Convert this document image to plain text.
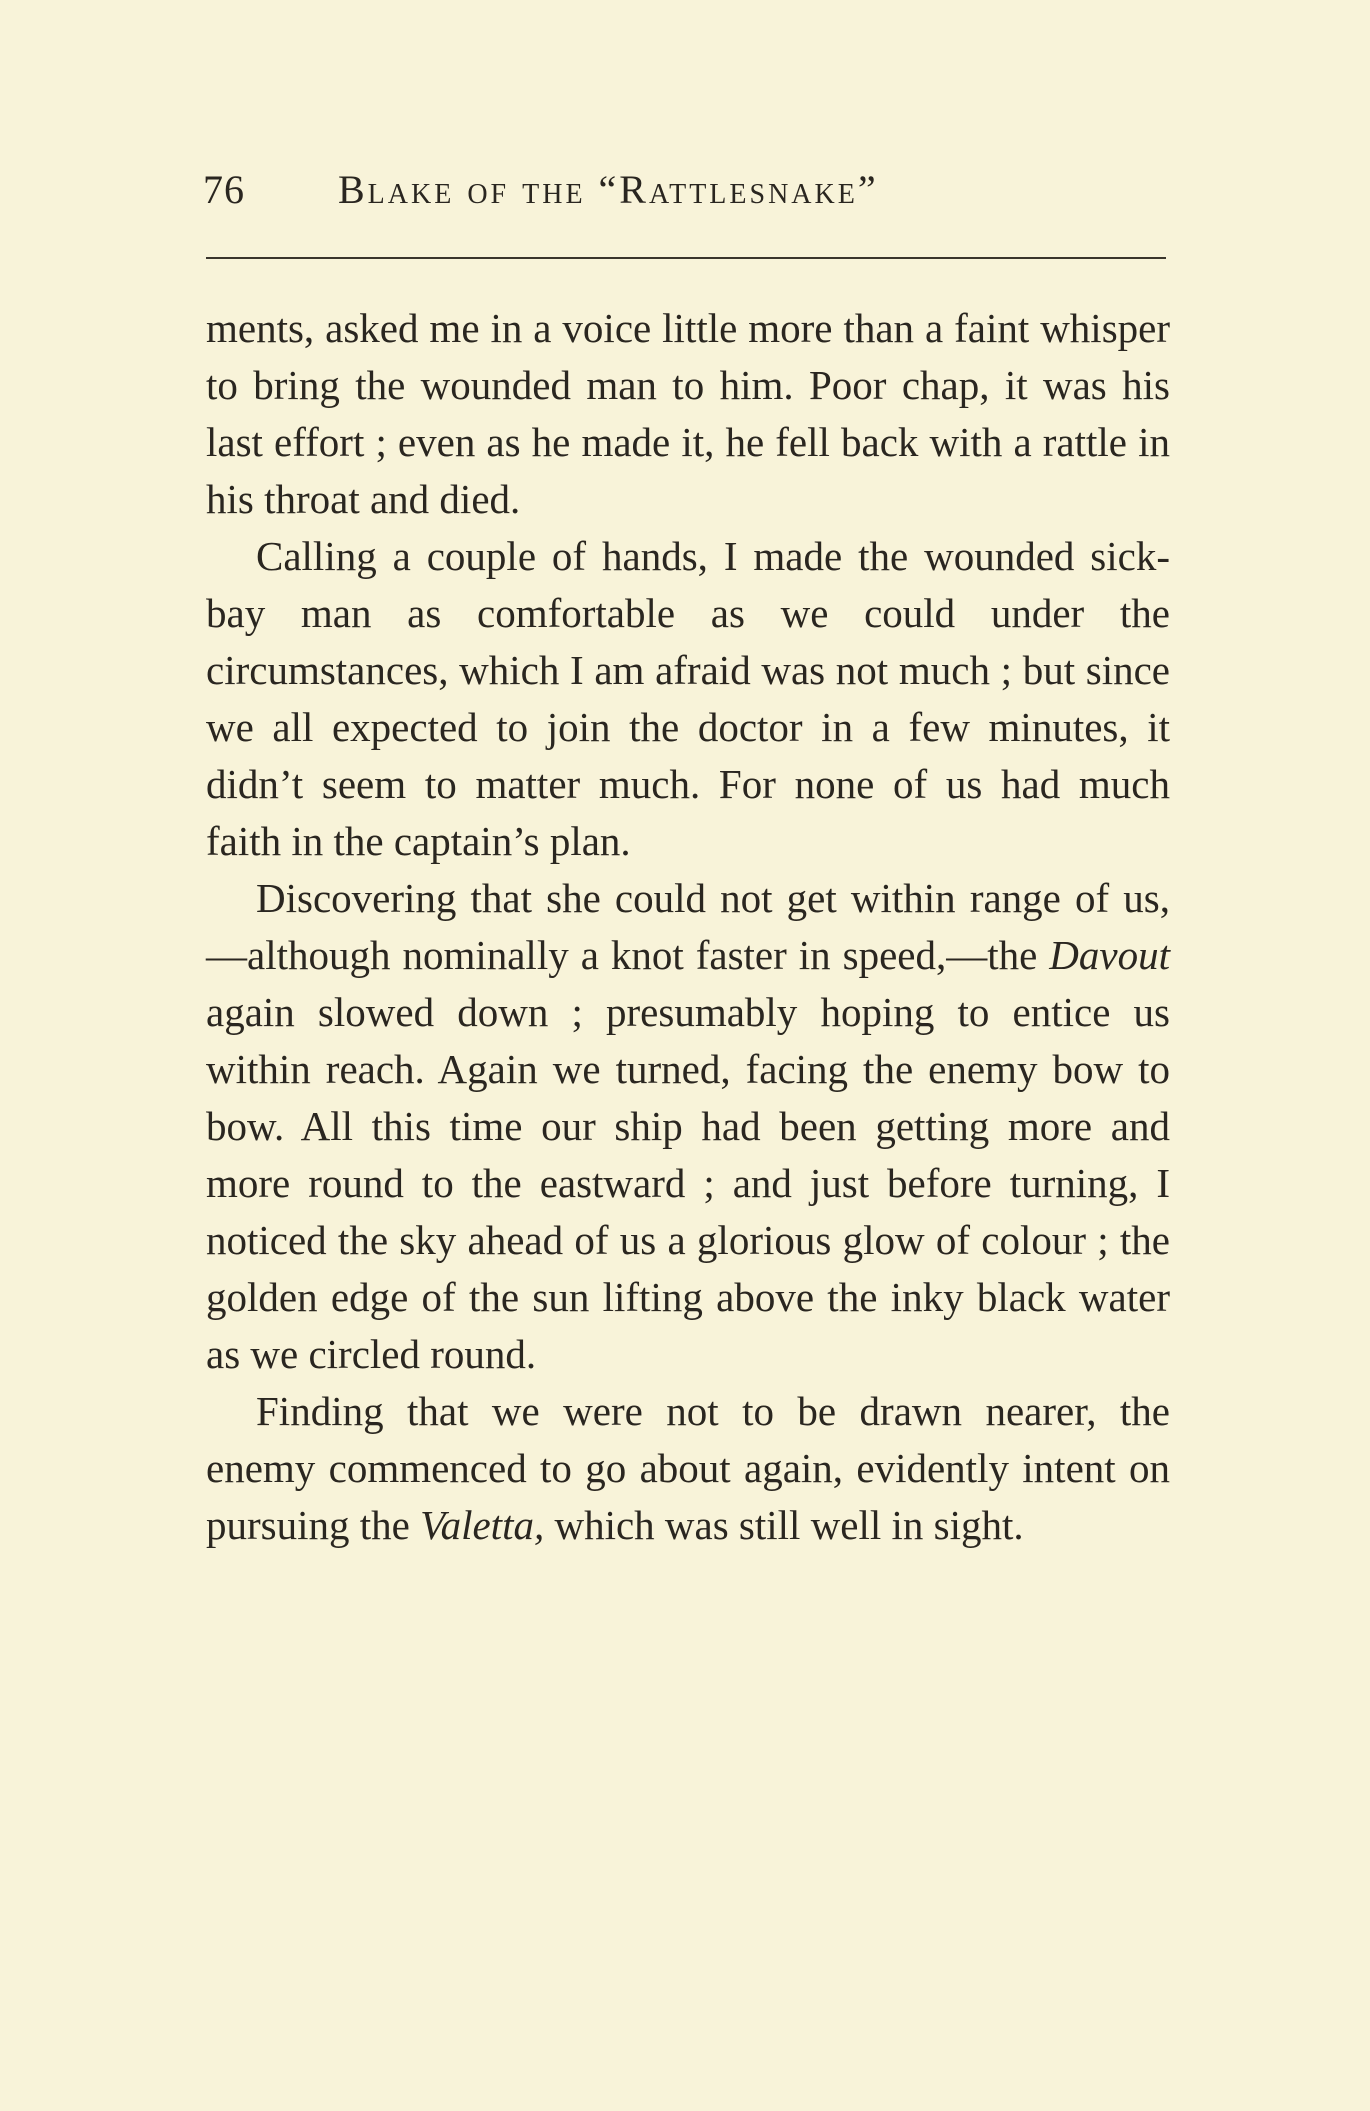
76 Blake of the “Rattlesnake”

ments, asked me in a voice little more than a faint whisper to bring the wounded man to him. Poor chap, it was his last effort ; even as he made it, he fell back with a rattle in his throat and died.

Calling a couple of hands, I made the wounded sick-bay man as comfortable as we could under the circumstances, which I am afraid was not much ; but since we all expected to join the doctor in a few minutes, it didn’t seem to matter much. For none of us had much faith in the captain’s plan.

Discovering that she could not get within range of us,—although nominally a knot faster in speed,—the Davout again slowed down ; presumably hoping to entice us within reach. Again we turned, facing the enemy bow to bow. All this time our ship had been getting more and more round to the eastward ; and just before turning, I noticed the sky ahead of us a glorious glow of colour ; the golden edge of the sun lifting above the inky black water as we circled round.

Finding that we were not to be drawn nearer, the enemy commenced to go about again, evidently intent on pursuing the Valetta, which was still well in sight.
